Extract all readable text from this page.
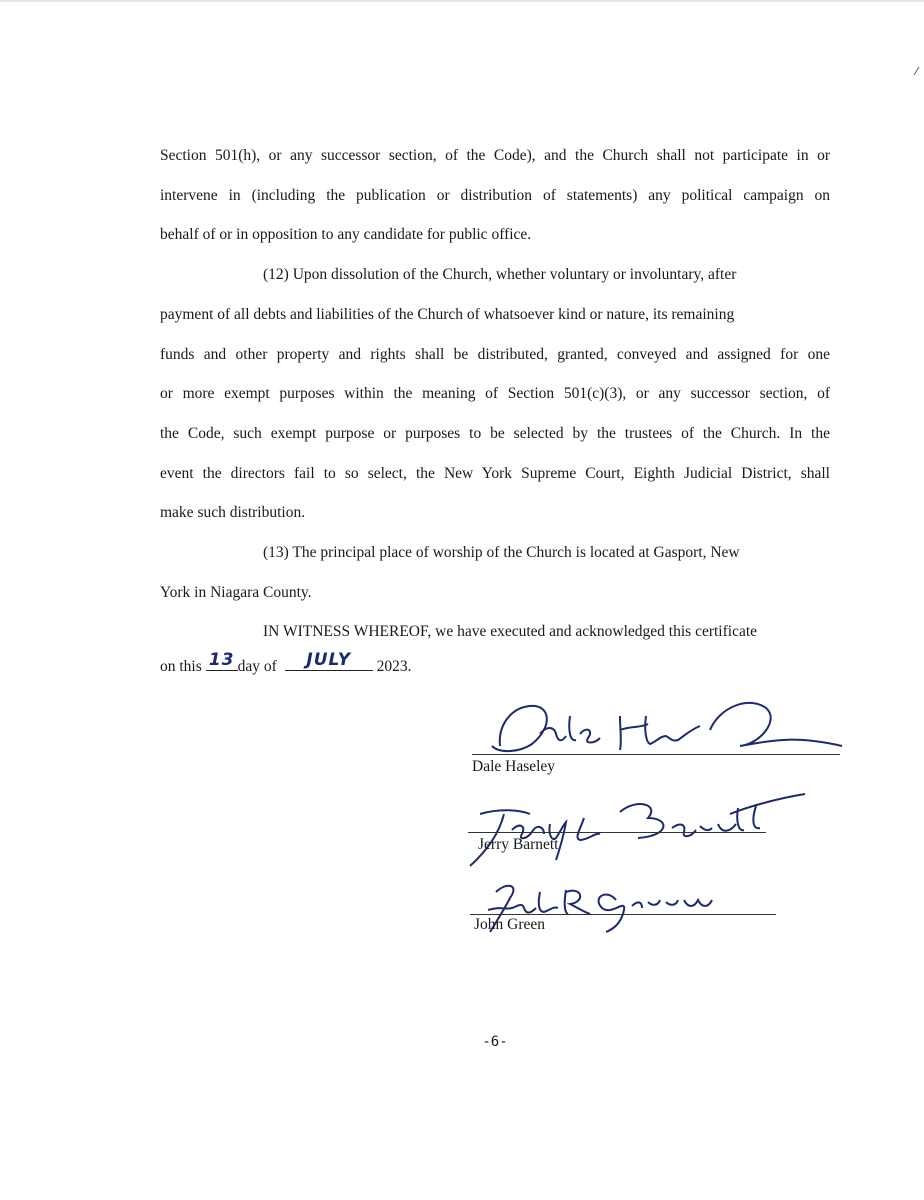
Section 501(h), or any successor section, of the Code), and the Church shall not participate in or
intervene in (including the publication or distribution of statements) any political campaign on
behalf of or in opposition to any candidate for public office.

(12) Upon dissolution of the Church, whether voluntary or involuntary, after
payment of all debts and liabilities of the Church of whatsoever kind or nature, its remaining
funds and other property and rights shall be distributed, granted, conveyed and assigned for one
or more exempt purposes within the meaning of Section 501(c)(3), or any successor section, of
the Code, such exempt purpose or purposes to be selected by the trustees of the Church. In the
event the directors fail to so select, the New York Supreme Court, Eighth Judicial District, shall
make such distribution.

(13) The principal place of worship of the Church is located at Gasport, New
York in Niagara County.

IN WITNESS WHEREOF, we have executed and acknowledged this certificate

on this 13 day of	JULY	2023.
Dale Haseley
Jerry Barnett
John Green
-6-
